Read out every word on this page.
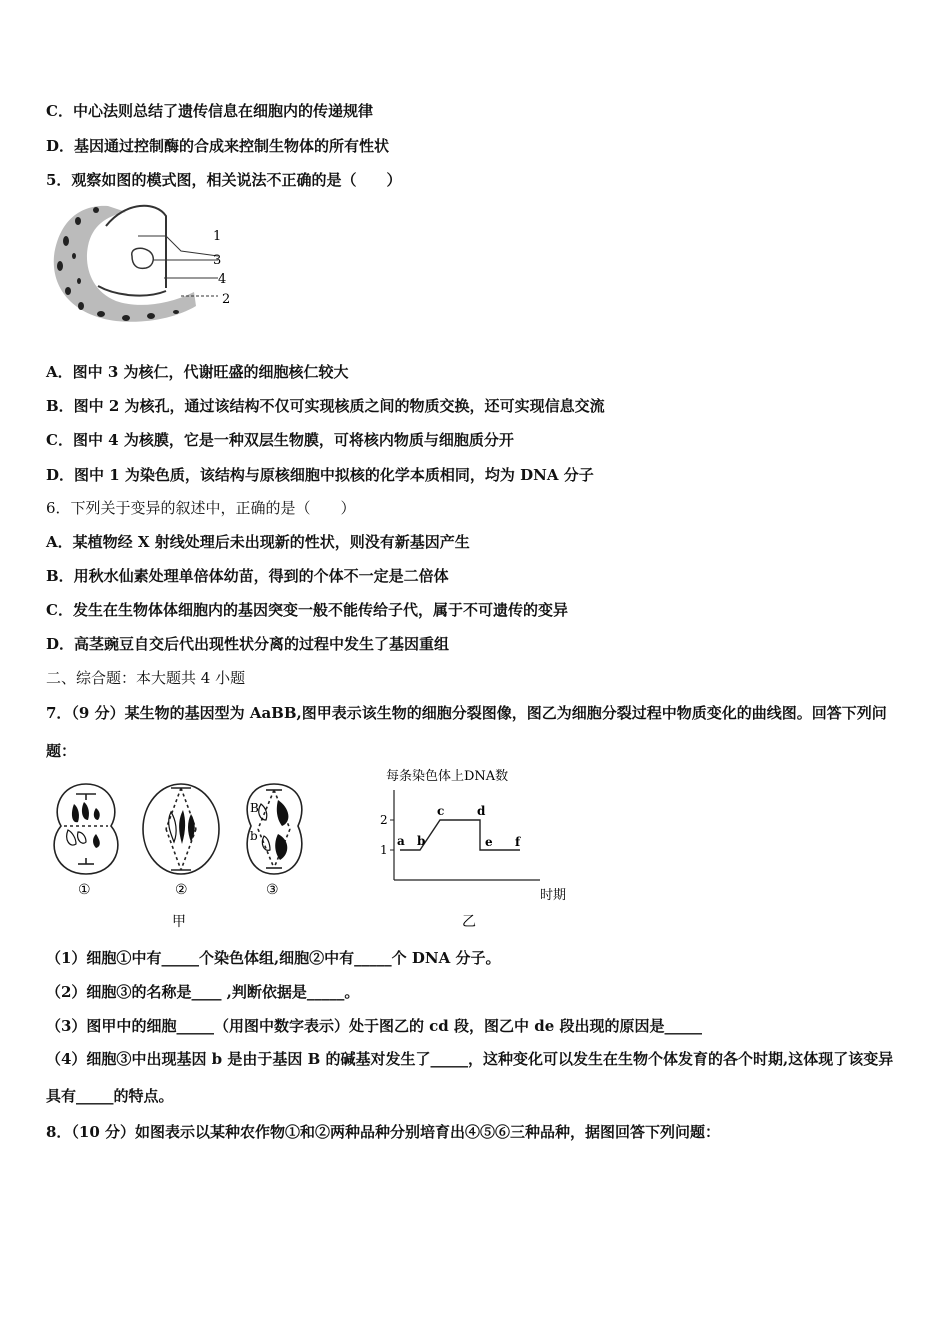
C．中心法则总结了遗传信息在细胞内的传递规律
D．基因通过控制酶的合成来控制生物体的所有性状
5．观察如图的模式图，相关说法不正确的是（　　）
1
3
4
2
A．图中 3 为核仁，代谢旺盛的细胞核仁较大
B．图中 2 为核孔，通过该结构不仅可实现核质之间的物质交换，还可实现信息交流
C．图中 4 为核膜，它是一种双层生物膜，可将核内物质与细胞质分开
D．图中 1 为染色质，该结构与原核细胞中拟核的化学本质相同，均为 DNA 分子
6．下列关于变异的叙述中，正确的是（　　）
A．某植物经 X 射线处理后未出现新的性状，则没有新基因产生
B．用秋水仙素处理单倍体幼苗，得到的个体不一定是二倍体
C．发生在生物体体细胞内的基因突变一般不能传给子代，属于不可遗传的变异
D．高茎豌豆自交后代出现性状分离的过程中发生了基因重组
二、综合题：本大题共 4 小题
7．（9 分）某生物的基因型为 AaBB,图甲表示该生物的细胞分裂图像，图乙为细胞分裂过程中物质变化的曲线图。回答下列问题：
B
b
①	②	③
甲
每条染色体上DNA数
时期
1
2
a b
c	d
e f
乙
（1）细胞①中有_____个染色体组,细胞②中有_____个 DNA 分子。
（2）细胞③的名称是____ ,判断依据是_____。
（3）图甲中的细胞_____（用图中数字表示）处于图乙的 cd 段，图乙中 de 段出现的原因是_____
（4）细胞③中出现基因 b 是由于基因 B 的碱基对发生了_____，这种变化可以发生在生物个体发育的各个时期,这体现了该变异具有_____的特点。
8．（10 分）如图表示以某种农作物①和②两种品种分别培育出④⑤⑥三种品种，据图回答下列问题：
